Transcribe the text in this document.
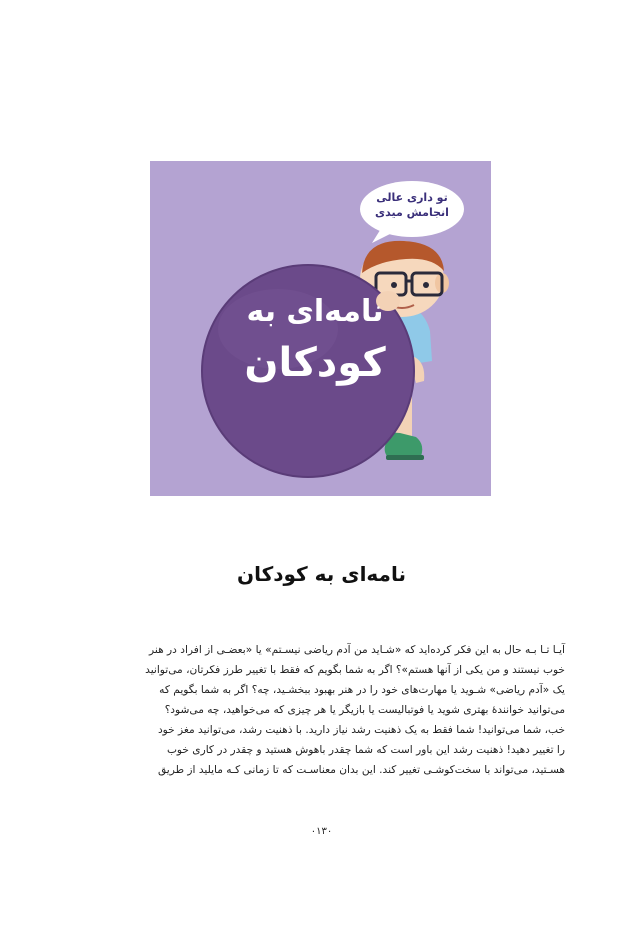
تو داری عالی انجامش میدی
نامه‌ای به
کودکان
نامه‌ای به کودکان
آیـا تـا بـه حال به این فکر کرده‌اید که «شـاید من آدم ریاضی نیسـتم» یا «بعضـی از افراد در هنر
خوب نیستند و من یکی از آنها هستم»؟ اگر به شما بگویم که فقط با تغییر طرز فکرتان، می‌توانید
یک «آدم ریاضی» شـوید یا مهارت‌های خود را در هنر بهبود ببخشـید، چه؟ اگر به شما بگویم که
می‌توانید خوانندهٔ بهتری شوید یا فوتبالیست یا بازیگر یا هر چیزی که می‌خواهید، چه می‌شود؟
خب، شما می‌توانید! شما فقط به یک ذهنیت رشد نیاز دارید. با ذهنیت رشد، می‌توانید مغز خود
را تغییر دهید! ذهنیت رشد این باور است که شما چقدر باهوش هستید و چقدر در کاری خوب
هسـتید، می‌تواند با سخت‌کوشـی تغییر کند. این بدان معناسـت که تا زمانی کـه مایلید از طریق
۰۱۳۰
